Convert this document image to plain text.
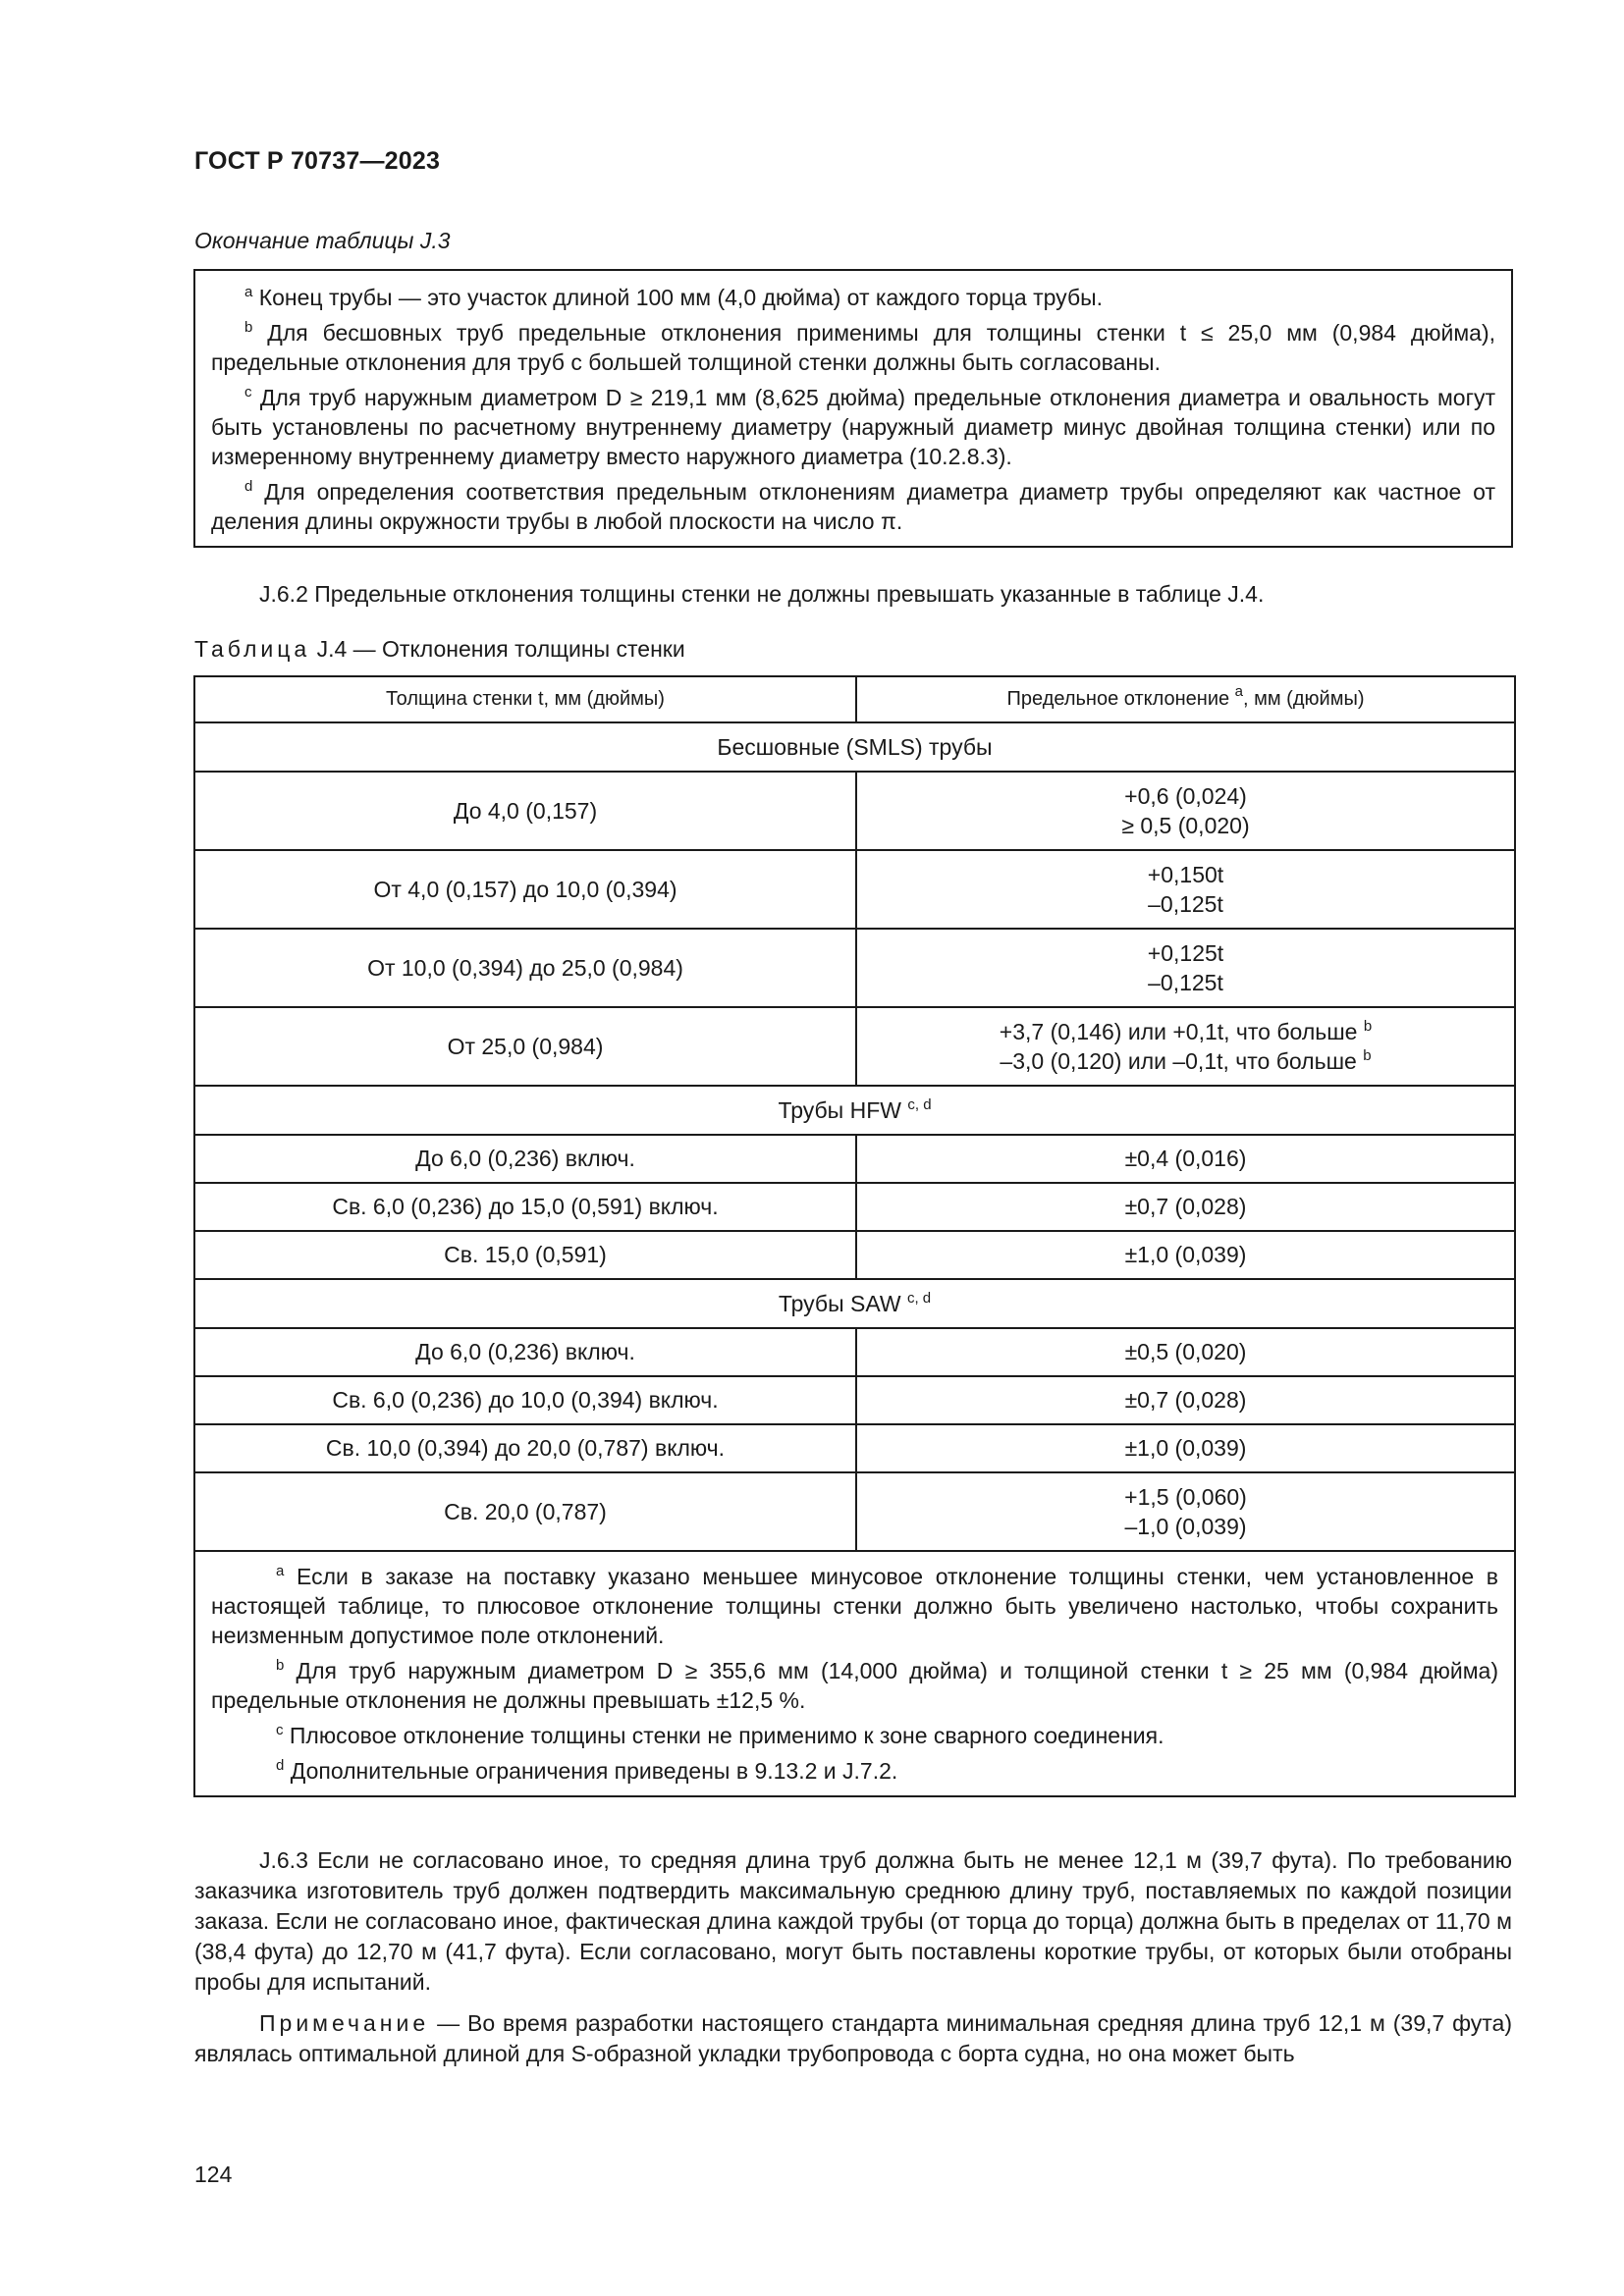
ГОСТ Р 70737—2023
Окончание таблицы J.3

$^a$ Конец трубы — это участок длиной 100 мм (4,0 дюйма) от каждого торца трубы.

$^b$ Для бесшовных труб предельные отклонения применимы для толщины стенки t ≤ 25,0 мм (0,984 дюйма), предельные отклонения для труб с большей толщиной стенки должны быть согласованы.

$^c$ Для труб наружным диаметром D ≥ 219,1 мм (8,625 дюйма) предельные отклонения диаметра и овальность могут быть установлены по расчетному внутреннему диаметру (наружный диаметр минус двойная толщина стенки) или по измеренному внутреннему диаметру вместо наружного диаметра (10.2.8.3).

$^d$ Для определения соответствия предельным отклонениям диаметра диаметр трубы определяют как частное от деления длины окружности трубы в любой плоскости на число π.

J.6.2 Предельные отклонения толщины стенки не должны превышать указанные в таблице J.4.
Таблица J.4 — Отклонения толщины стенки
Толщина стенки t, мм (дюймы)	Предельное отклонение $^a$, мм (дюймы)
Бесшовные (SMLS) трубы	
До 4,0 (0,157)	+0,6 (0,024)
≥ 0,5 (0,020)

От 4,0 (0,157) до 10,0 (0,394)	+0,150t
–0,125t

От 10,0 (0,394) до 25,0 (0,984)	+0,125t
–0,125t

От 25,0 (0,984)	+3,7 (0,146) или +0,1t, что больше $^b$
–3,0 (0,120) или –0,1t, что больше $^b$

Трубы HFW $^{c, d}$
До 6,0 (0,236) включ.	±0,4 (0,016)
Св. 6,0 (0,236) до 15,0 (0,591) включ.	±0,7 (0,028)
Св. 15,0 (0,591)	±1,0 (0,039)
Трубы SAW $^{c, d}$
До 6,0 (0,236) включ.	±0,5 (0,020)
Св. 6,0 (0,236) до 10,0 (0,394) включ.	±0,7 (0,028)
Св. 10,0 (0,394) до 20,0 (0,787) включ.	±1,0 (0,039)
Св. 20,0 (0,787)	+1,5 (0,060)
–1,0 (0,039)

$^a$ Если в заказе на поставку указано меньшее минусовое отклонение толщины стенки, чем установленное в настоящей таблице, то плюсовое отклонение толщины стенки должно быть увеличено настолько, чтобы сохранить неизменным допустимое поле отклонений.

$^b$ Для труб наружным диаметром D ≥ 355,6 мм (14,000 дюйма) и толщиной стенки t ≥ 25 мм (0,984 дюйма) предельные отклонения не должны превышать ±12,5 %.

$^c$ Плюсовое отклонение толщины стенки не применимо к зоне сварного соединения.

$^d$ Дополнительные ограничения приведены в 9.13.2 и J.7.2.	

J.6.3 Если не согласовано иное, то средняя длина труб должна быть не менее 12,1 м (39,7 фута). По требованию заказчика изготовитель труб должен подтвердить максимальную среднюю длину труб, поставляемых по каждой позиции заказа. Если не согласовано иное, фактическая длина каждой трубы (от торца до торца) должна быть в пределах от 11,70 м (38,4 фута) до 12,70 м (41,7 фута). Если согласовано, могут быть поставлены короткие трубы, от которых были отобраны пробы для испытаний.
Примечание — Во время разработки настоящего стандарта минимальная средняя длина труб 12,1 м (39,7 фута) являлась оптимальной длиной для S-образной укладки трубопровода с борта судна, но она может быть
124
